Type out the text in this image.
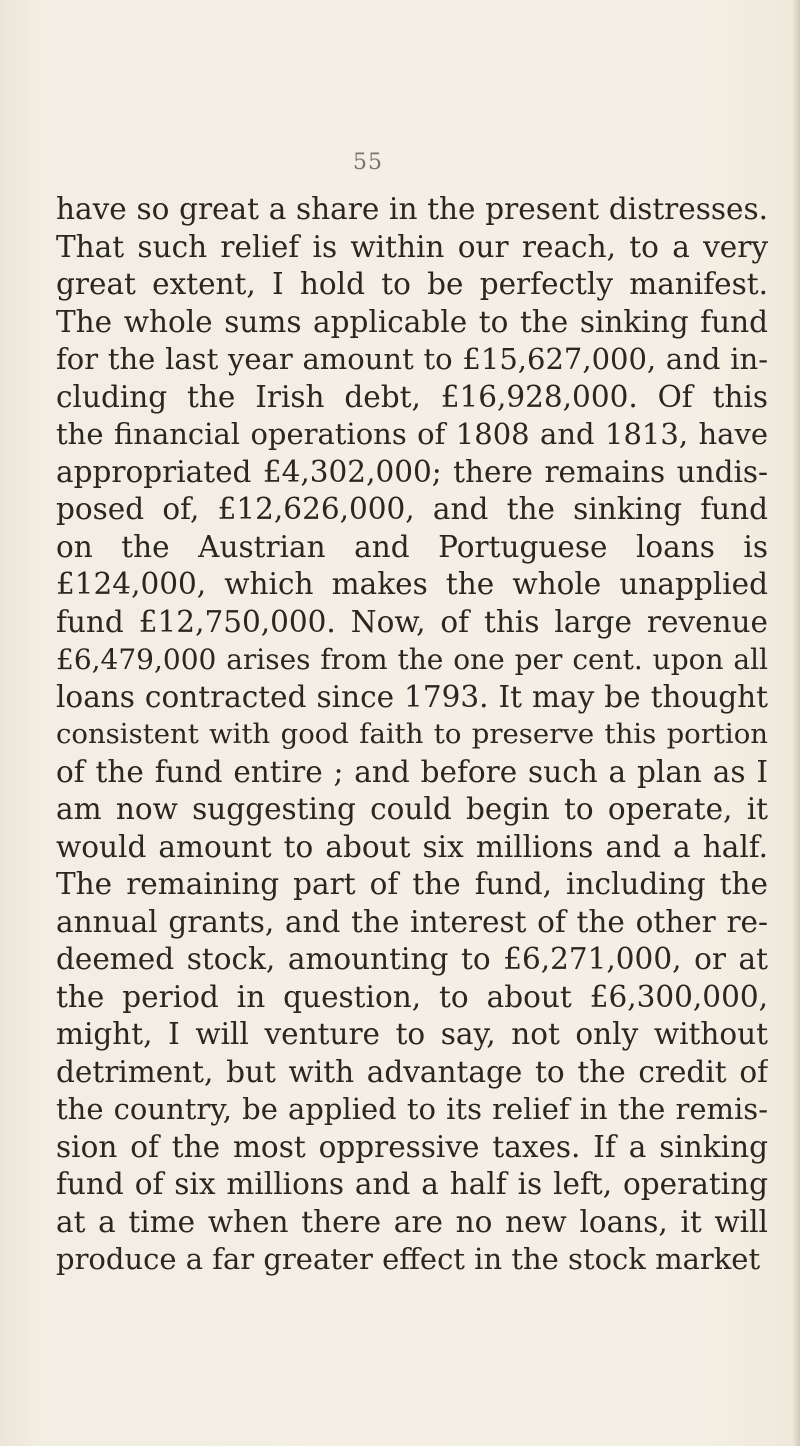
55
have so great a share in the present distresses.
That such relief is within our reach, to a very
great extent, I hold to be perfectly manifest.
The whole sums applicable to the sinking fund
for the last year amount to £15,627,000, and in-
cluding the Irish debt, £16,928,000. Of this
the financial operations of 1808 and 1813, have
appropriated £4,302,000; there remains undis-
posed of, £12,626,000, and the sinking fund
on the Austrian and Portuguese loans is
£124,000, which makes the whole unapplied
fund £12,750,000. Now, of this large revenue
£6,479,000 arises from the one per cent. upon all
loans contracted since 1793. It may be thought
consistent with good faith to preserve this portion
of the fund entire ; and before such a plan as I
am now suggesting could begin to operate, it
would amount to about six millions and a half.
The remaining part of the fund, including the
annual grants, and the interest of the other re-
deemed stock, amounting to £6,271,000, or at
the period in question, to about £6,300,000,
might, I will venture to say, not only without
detriment, but with advantage to the credit of
the country, be applied to its relief in the remis-
sion of the most oppressive taxes. If a sinking
fund of six millions and a half is left, operating
at a time when there are no new loans, it will
produce a far greater effect in the stock market
